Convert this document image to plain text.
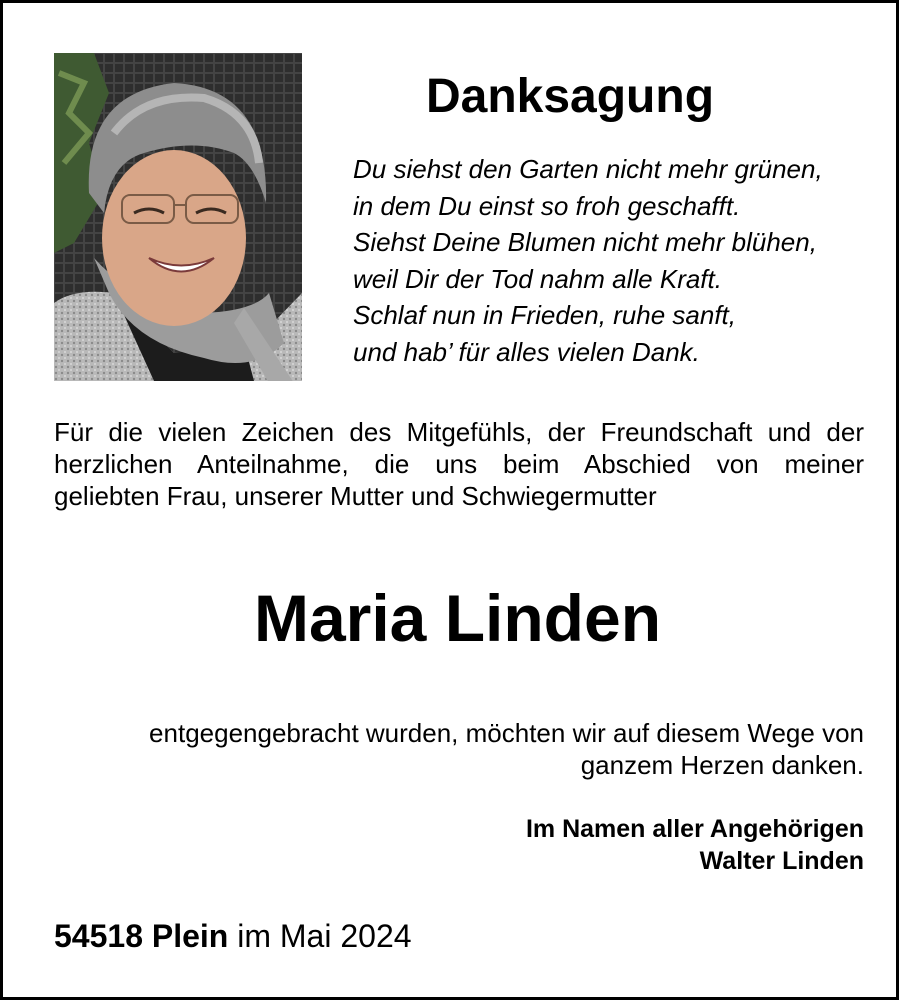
Danksagung
Du siehst den Garten nicht mehr grünen,
in dem Du einst so froh geschafft.
Siehst Deine Blumen nicht mehr blühen,
weil Dir der Tod nahm alle Kraft.
Schlaf nun in Frieden, ruhe sanft,
und hab’ für alles vielen Dank.
Für die vielen Zeichen des Mitgefühls, der Freundschaft und der
herzlichen Anteilnahme, die uns beim Abschied von meiner
geliebten Frau, unserer Mutter und Schwiegermutter
Maria Linden
entgegengebracht wurden, möchten wir auf diesem Wege von
ganzem Herzen danken.
Im Namen aller Angehörigen
Walter Linden
54518 Plein im Mai 2024
